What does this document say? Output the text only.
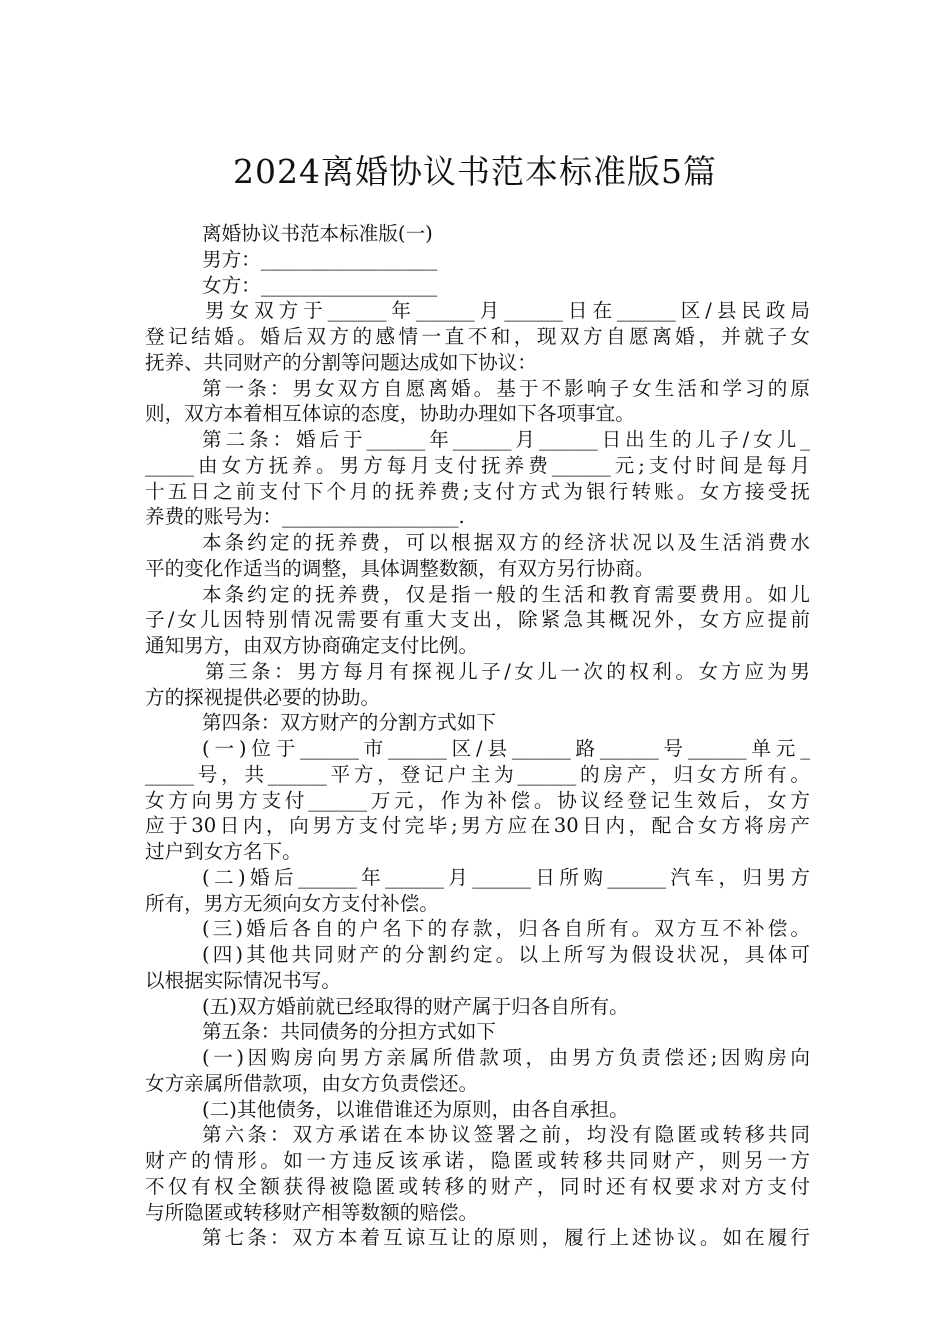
2024离婚协议书范本标准版5篇
离婚协议书范本标准版(一)
男方：__________________
女方：__________________
男女双方于______年______月______日在______区/县民政局
登记结婚。婚后双方的感情一直不和，现双方自愿离婚，并就子女
抚养、共同财产的分割等问题达成如下协议：
第一条：男女双方自愿离婚。基于不影响子女生活和学习的原
则，双方本着相互体谅的态度，协助办理如下各项事宜。
第二条：婚后于______年______月______日出生的儿子/女儿_
_____由女方抚养。男方每月支付抚养费______元;支付时间是每月
十五日之前支付下个月的抚养费;支付方式为银行转账。女方接受抚
养费的账号为：__________________.
本条约定的抚养费，可以根据双方的经济状况以及生活消费水
平的变化作适当的调整，具体调整数额，有双方另行协商。
本条约定的抚养费，仅是指一般的生活和教育需要费用。如儿
子/女儿因特别情况需要有重大支出，除紧急其概况外，女方应提前
通知男方，由双方协商确定支付比例。
第三条：男方每月有探视儿子/女儿一次的权利。女方应为男
方的探视提供必要的协助。
第四条：双方财产的分割方式如下
(一)位于______市______区/县______路______号______单元_
_____号，共______平方，登记户主为______的房产，归女方所有。
女方向男方支付______万元，作为补偿。协议经登记生效后，女方
应于30日内，向男方支付完毕;男方应在30日内，配合女方将房产
过户到女方名下。
(二)婚后______年______月______日所购______汽车，归男方
所有，男方无须向女方支付补偿。
(三)婚后各自的户名下的存款，归各自所有。双方互不补偿。
(四)其他共同财产的分割约定。以上所写为假设状况，具体可
以根据实际情况书写。
(五)双方婚前就已经取得的财产属于归各自所有。
第五条：共同债务的分担方式如下
(一)因购房向男方亲属所借款项，由男方负责偿还;因购房向
女方亲属所借款项，由女方负责偿还。
(二)其他债务，以谁借谁还为原则，由各自承担。
第六条：双方承诺在本协议签署之前，均没有隐匿或转移共同
财产的情形。如一方违反该承诺，隐匿或转移共同财产，则另一方
不仅有权全额获得被隐匿或转移的财产，同时还有权要求对方支付
与所隐匿或转移财产相等数额的赔偿。
第七条：双方本着互谅互让的原则，履行上述协议。如在履行
